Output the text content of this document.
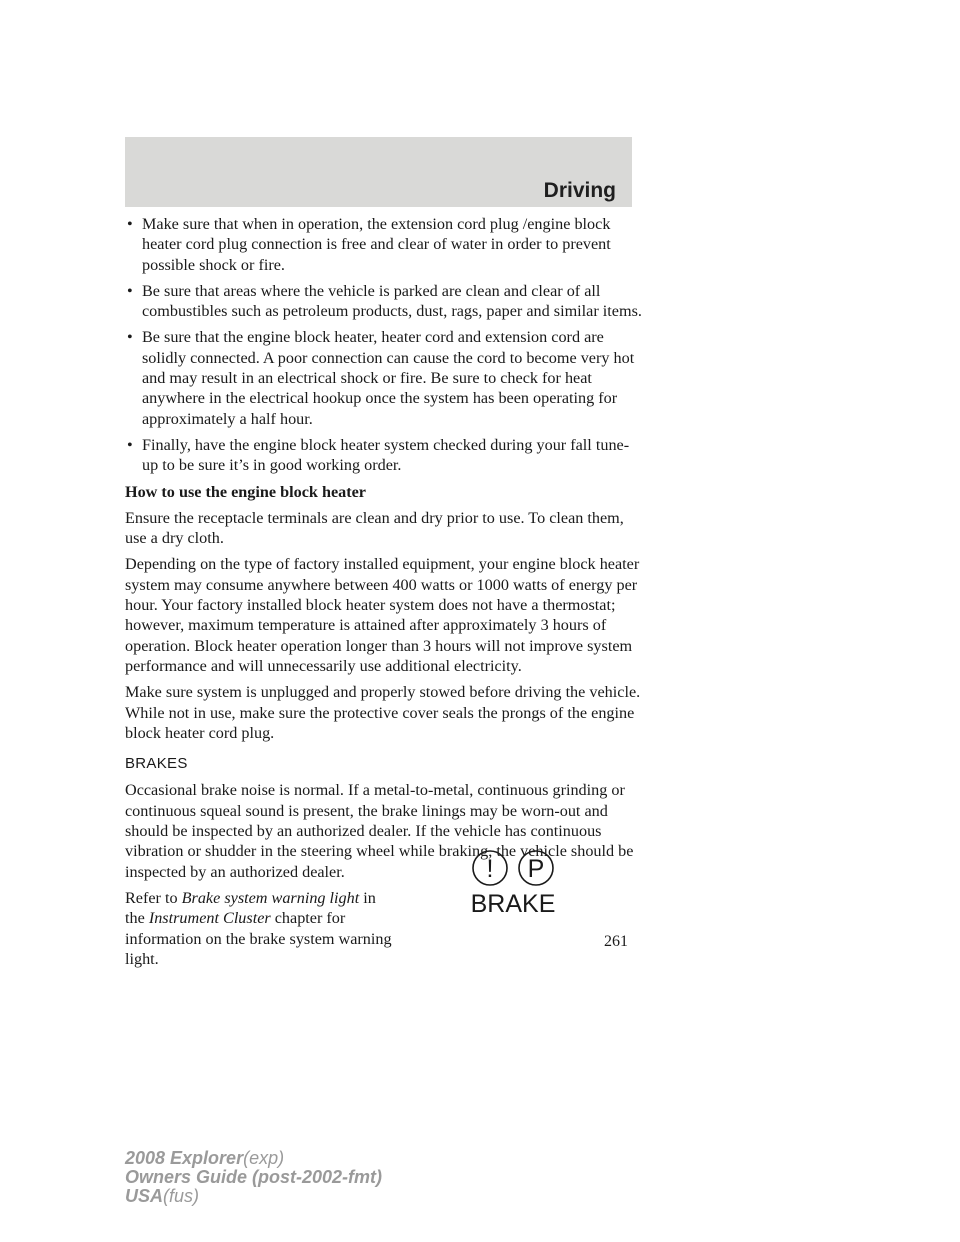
Driving
• Make sure that when in operation, the extension cord plug /engine block heater cord plug connection is free and clear of water in order to prevent possible shock or fire.
• Be sure that areas where the vehicle is parked are clean and clear of all combustibles such as petroleum products, dust, rags, paper and similar items.
• Be sure that the engine block heater, heater cord and extension cord are solidly connected. A poor connection can cause the cord to become very hot and may result in an electrical shock or fire. Be sure to check for heat anywhere in the electrical hookup once the system has been operating for approximately a half hour.
• Finally, have the engine block heater system checked during your fall tune-up to be sure it’s in good working order.
How to use the engine block heater

Ensure the receptacle terminals are clean and dry prior to use. To clean them, use a dry cloth.

Depending on the type of factory installed equipment, your engine block heater system may consume anywhere between 400 watts or 1000 watts of energy per hour. Your factory installed block heater system does not have a thermostat; however, maximum temperature is attained after approximately 3 hours of operation. Block heater operation longer than 3 hours will not improve system performance and will unnecessarily use additional electricity.

Make sure system is unplugged and properly stowed before driving the vehicle. While not in use, make sure the protective cover seals the prongs of the engine block heater cord plug.

BRAKES

Occasional brake noise is normal. If a metal-to-metal, continuous grinding or continuous squeal sound is present, the brake linings may be worn-out and should be inspected by an authorized dealer. If the vehicle has continuous vibration or shudder in the steering wheel while braking, the vehicle should be inspected by an authorized dealer.

Refer to Brake system warning light in the Instrument Cluster chapter for information on the brake system warning light.

! P
BRAKE
261
2008 Explorer(exp)
Owners Guide (post-2002-fmt)
USA(fus)
